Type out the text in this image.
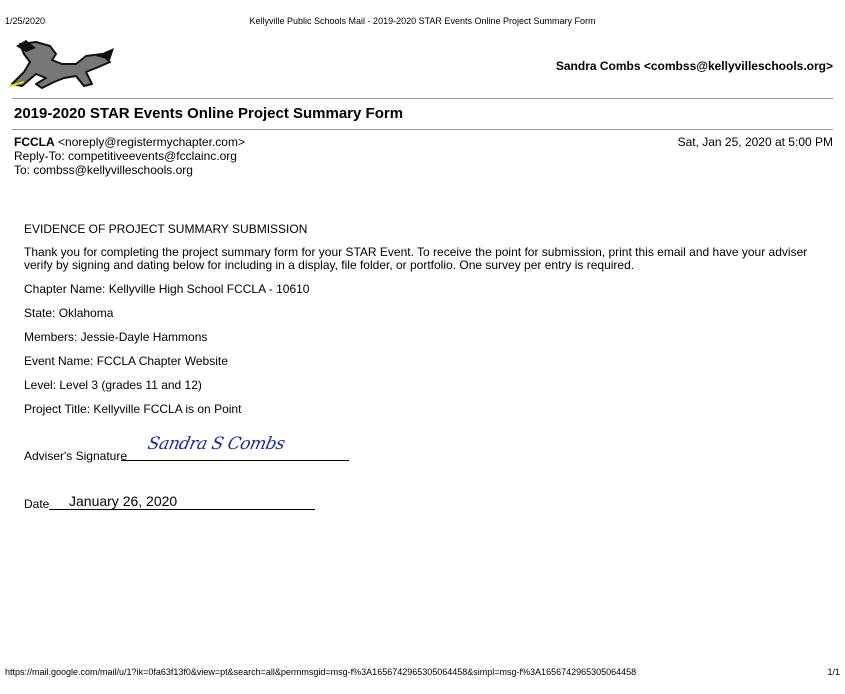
1/25/2020	Kellyville Public Schools Mail - 2019-2020 STAR Events Online Project Summary Form
Sandra Combs <combss@kellyvilleschools.org>
2019-2020 STAR Events Online Project Summary Form
FCCLA <noreply@registermychapter.com>
Reply-To: competitiveevents@fcclainc.org
To: combss@kellyvilleschools.org
Sat, Jan 25, 2020 at 5:00 PM
EVIDENCE OF PROJECT SUMMARY SUBMISSION
Thank you for completing the project summary form for your STAR Event. To receive the point for submission, print this email and have your adviser verify by signing and dating below for including in a display, file folder, or portfolio. One survey per entry is required.
Chapter Name: Kellyville High School FCCLA - 10610
State: Oklahoma
Members: Jessie-Dayle Hammons
Event Name: FCCLA Chapter Website
Level: Level 3 (grades 11 and 12)
Project Title: Kellyville FCCLA is on Point
Adviser's Signature
Sandra S Combs
Date January 26, 2020
https://mail.google.com/mail/u/1?ik=0fa63f13f0&view=pt&search=all&permmsgid=msg-f%3A1656742965305064458&simpl=msg-f%3A1656742965305064458	1/1
